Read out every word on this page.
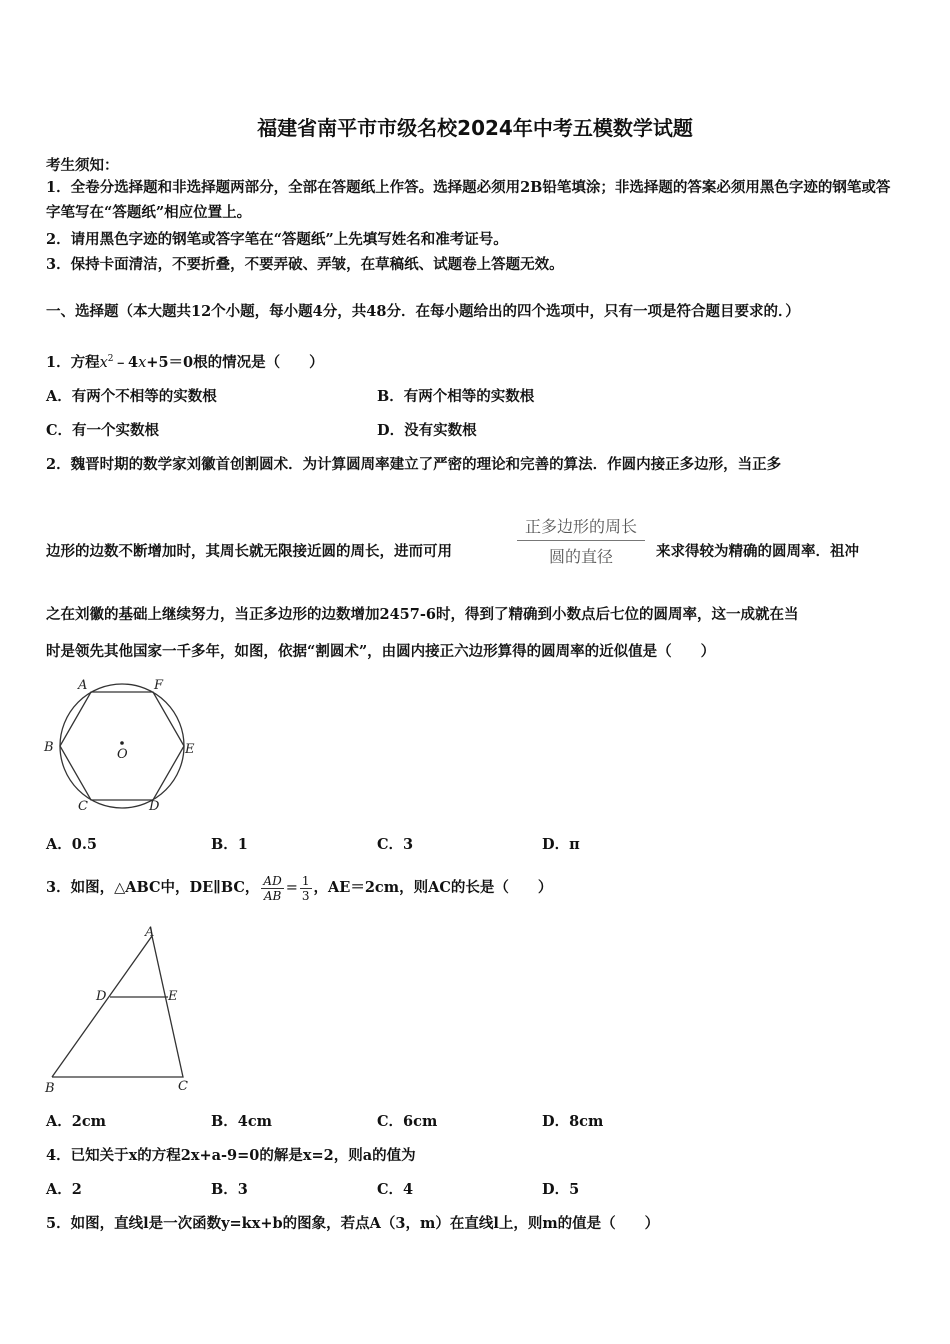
福建省南平市市级名校2024年中考五模数学试题
考生须知：
1．全卷分选择题和非选择题两部分，全部在答题纸上作答。选择题必须用2B铅笔填涂；非选择题的答案必须用黑色字迹的钢笔或答字笔写在“答题纸”相应位置上。
2．请用黑色字迹的钢笔或答字笔在“答题纸”上先填写姓名和准考证号。
3．保持卡面清洁，不要折叠，不要弄破、弄皱，在草稿纸、试题卷上答题无效。
一、选择题（本大题共12个小题，每小题4分，共48分．在每小题给出的四个选项中，只有一项是符合题目要求的．）
1．方程$x^2﹣4x+5=0$根的情况是（　　）
A．有两个不相等的实数根	B．有两个相等的实数根
C．有一个实数根	D．没有实数根
2．魏晋时期的数学家刘徽首创割圆术．为计算圆周率建立了严密的理论和完善的算法．作圆内接正多边形，当正多
边形的边数不断增加时，其周长就无限接近圆的周长，进而可用
正多边形的周长
圆的直径	来求得较为精确的圆周率．祖冲
之在刘徽的基础上继续努力，当正多边形的边数增加2457-6时，得到了精确到小数点后七位的圆周率，这一成就在当
时是领先其他国家一千多年，如图，依据“割圆术”，由圆内接正六边形算得的圆周率的近似值是（　　）
A	F
B	E
O
C	D
A．0.5	B．1	C．3	D．π
3．如图，△ABC中，DE∥BC， $\frac{AD}{AB} = \frac{1}{3}$ ，AE＝2cm，则AC的长是（　　）
A
D	E
B	C
A．2cm	B．4cm	C．6cm	D．8cm
4．已知关于x的方程2x+a-9=0的解是x=2，则a的值为
A．2	B．3	C．4	D．5
5．如图，直线l是一次函数y=kx+b的图象，若点A（3，m）在直线l上，则m的值是（　　）
